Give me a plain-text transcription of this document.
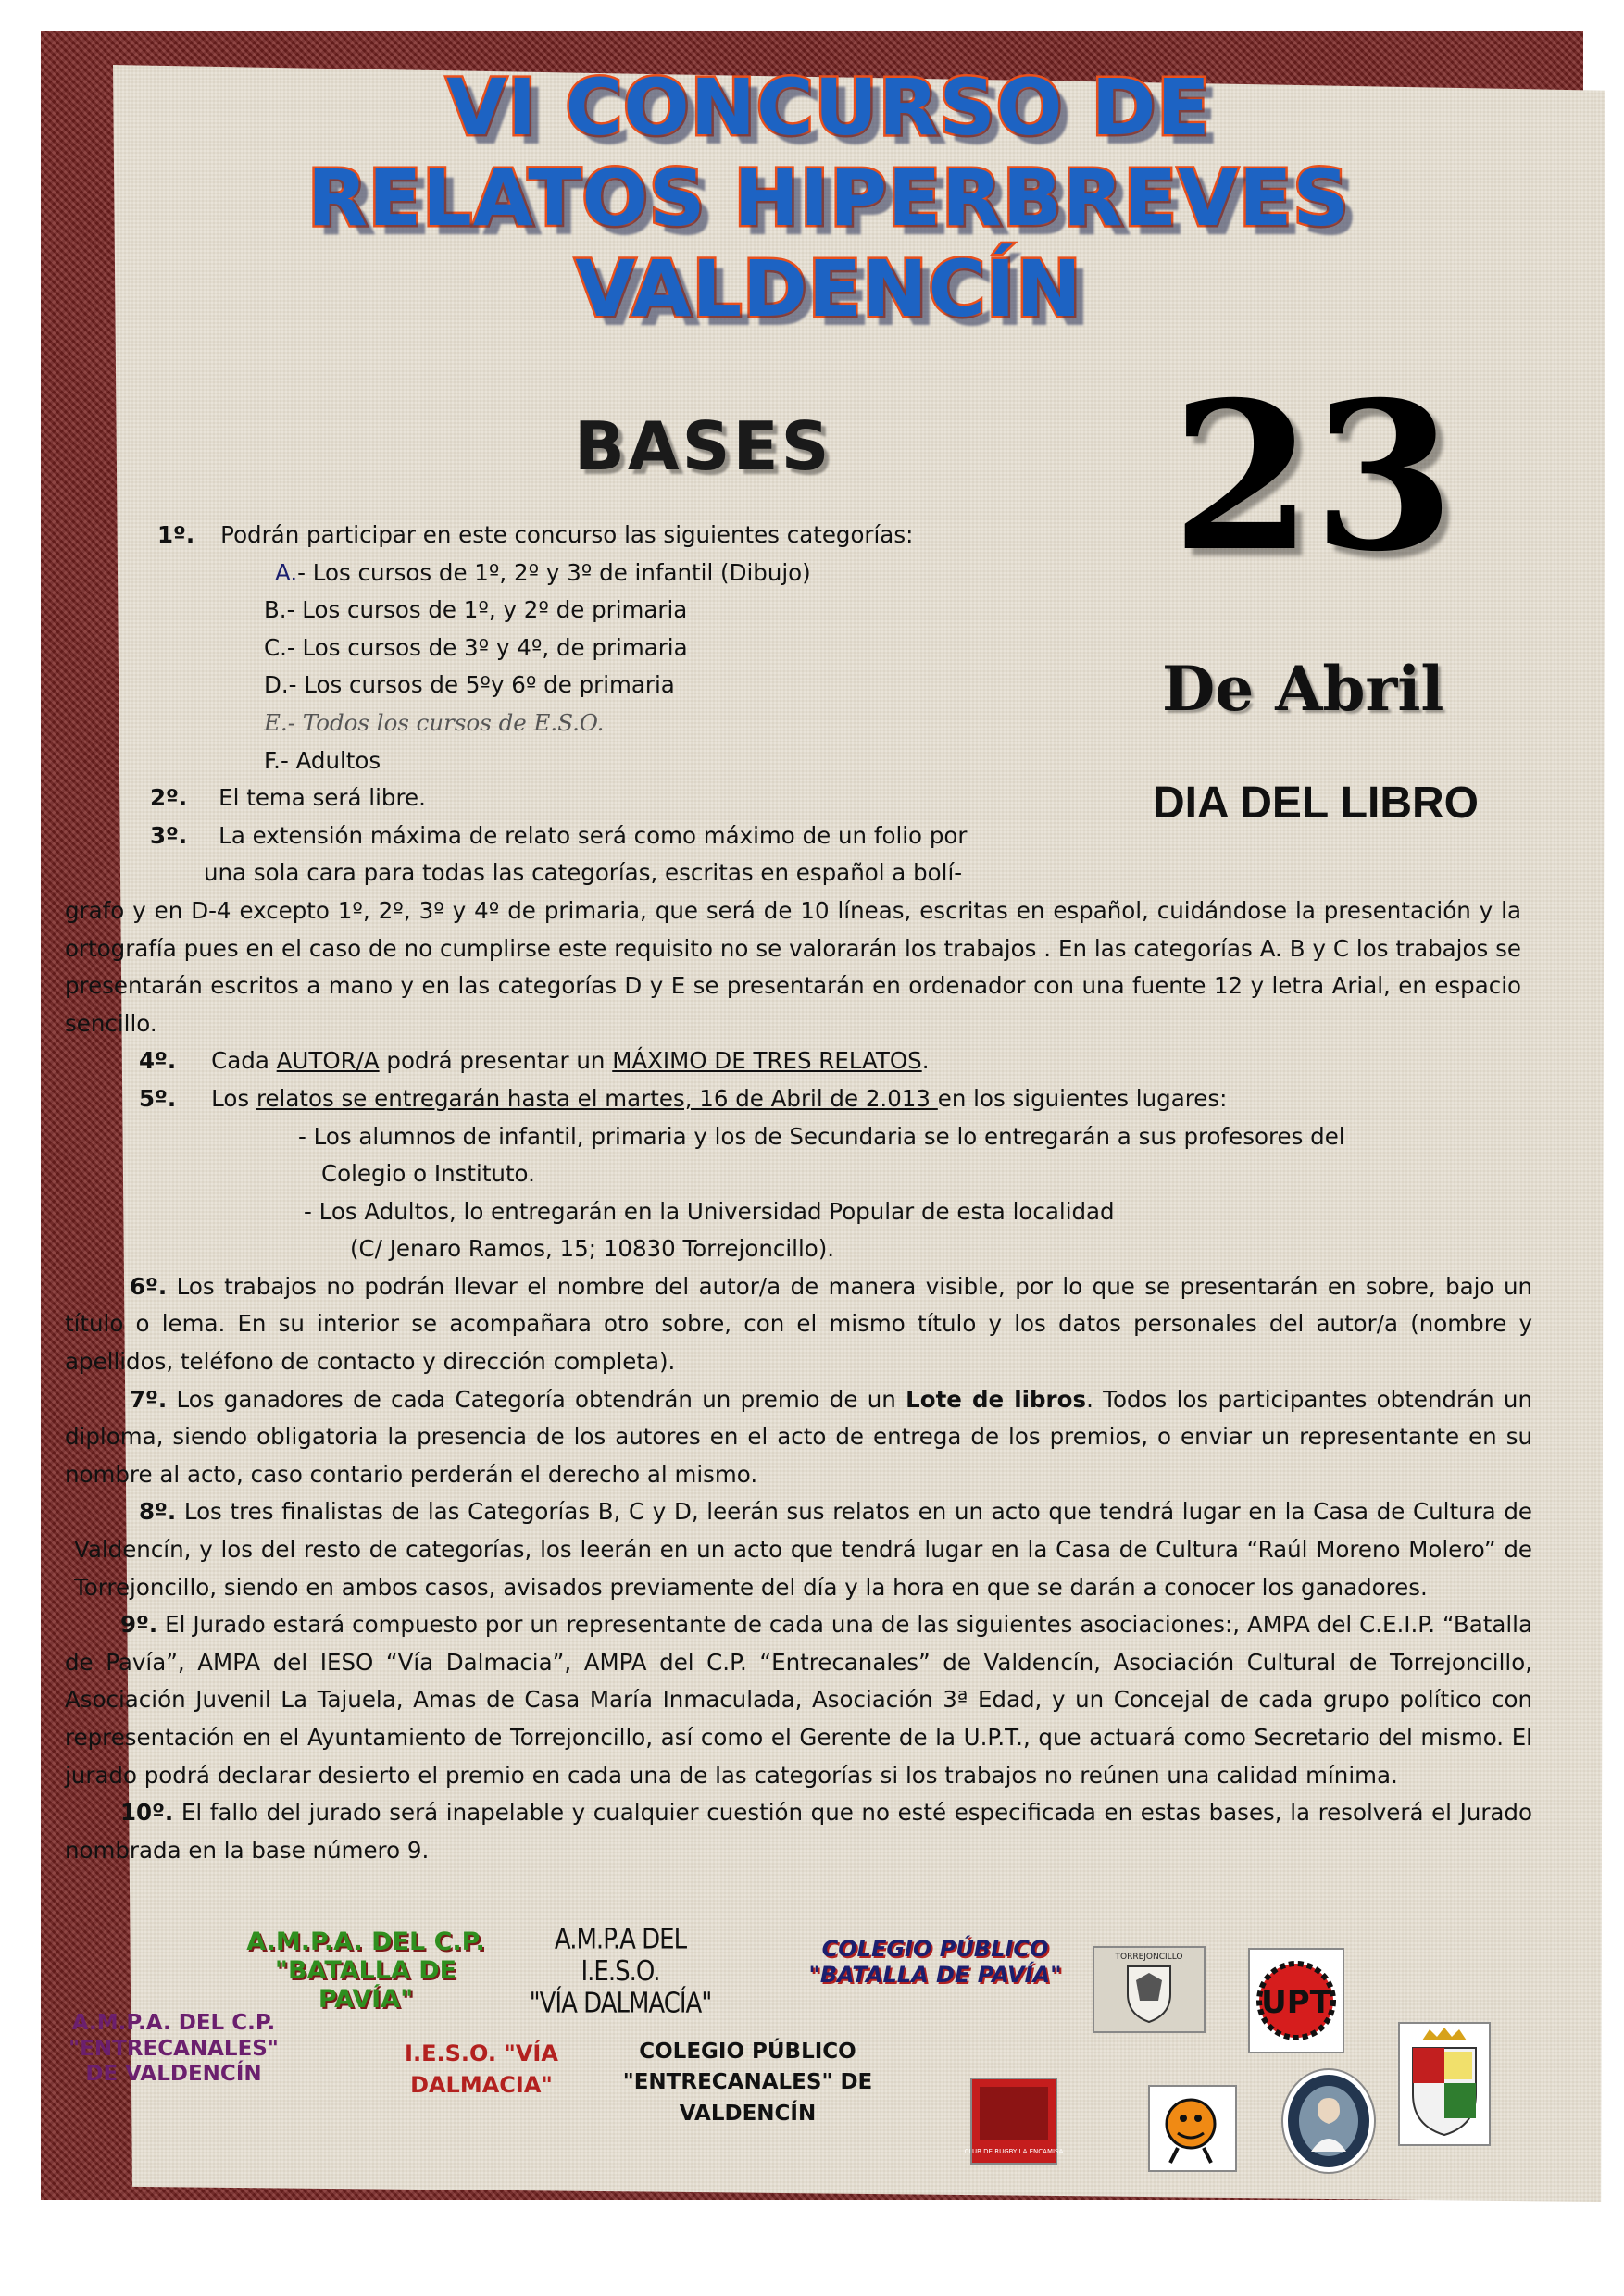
VI CONCURSO DE
RELATOS HIPERBREVES
VALDENCÍN
BASES 23
De Abril
DIA DEL LIBRO

1º. Podrán participar en este concurso las siguientes categorías:

A.- Los cursos de 1º, 2º y 3º de infantil (Dibujo)

B.- Los cursos de 1º, y 2º de primaria

C.- Los cursos de 3º y 4º, de primaria

D.- Los cursos de 5ºy 6º de primaria

E.- Todos los cursos de E.S.O.

F.- Adultos

2º. El tema será libre.

3º. La extensión máxima de relato será como máximo de un folio por

una sola cara para todas las categorías, escritas en español a bolí-

grafo y en D-4 excepto 1º, 2º, 3º y 4º de primaria, que será de 10 líneas, escritas en español, cuidándose la presentación y la ortografía pues en el caso de no cumplirse este requisito no se valorarán los trabajos . En las categorías A. B y C los trabajos se presentarán escritos a mano y en las categorías D y E se presentarán en ordenador con una fuente 12 y letra Arial, en espacio sencillo.

4º. Cada AUTOR/A podrá presentar un MÁXIMO DE TRES RELATOS.

5º. Los relatos se entregarán hasta el martes, 16 de Abril de 2.013 en los siguientes lugares:

- Los alumnos de infantil, primaria y los de Secundaria se lo entregarán a sus profesores del

Colegio o Instituto.

- Los Adultos, lo entregarán en la Universidad Popular de esta localidad

(C/ Jenaro Ramos, 15; 10830 Torrejoncillo).

6º. Los trabajos no podrán llevar el nombre del autor/a de manera visible, por lo que se presentarán en sobre, bajo un título o lema. En su interior se acompañara otro sobre, con el mismo título y los datos personales del autor/a (nombre y apellidos, teléfono de contacto y dirección completa).

7º. Los ganadores de cada Categoría obtendrán un premio de un Lote de libros. Todos los participantes obtendrán un diploma, siendo obligatoria la presencia de los autores en el acto de entrega de los premios, o enviar un representante en su nombre al acto, caso contario perderán el derecho al mismo.

8º. Los tres finalistas de las Categorías B, C y D, leerán sus relatos en un acto que tendrá lugar en la Casa de Cultura de Valdencín, y los del resto de categorías, los leerán en un acto que tendrá lugar en la Casa de Cultura “Raúl Moreno Molero” de Torrejoncillo, siendo en ambos casos, avisados previamente del día y la hora en que se darán a conocer los ganadores.

9º. El Jurado estará compuesto por un representante de cada una de las siguientes asociaciones:, AMPA del C.E.I.P. “Batalla de Pavía”, AMPA del IESO “Vía Dalmacia”, AMPA del C.P. “Entrecanales” de Valdencín, Asociación Cultural de Torrejoncillo, Asociación Juvenil La Tajuela, Amas de Casa María Inmaculada, Asociación 3ª Edad, y un Concejal de cada grupo político con representación en el Ayuntamiento de Torrejoncillo, así como el Gerente de la U.P.T., que actuará como Secretario del mismo. El jurado podrá declarar desierto el premio en cada una de las categorías si los trabajos no reúnen una calidad mínima.

10º. El fallo del jurado será inapelable y cualquier cuestión que no esté especificada en estas bases, la resolverá el Jurado nombrada en la base número 9.

A.M.P.A. DEL C.P.
"BATALLA DE PAVÍA"
A.M.P.A DEL I.E.S.O.
"VÍA DALMACÍA"
COLEGIO PÚBLICO
"BATALLA DE PAVÍA"
A.M.P.A. DEL C.P.
"ENTRECANALES"
DE VALDENCÍN
I.E.S.O. "VÍA
DALMACIA"
COLEGIO PÚBLICO
"ENTRECANALES" DE
VALDENCÍN
TORREJONCILLO
UPT
CLUB DE RUGBY LA ENCAMISA
